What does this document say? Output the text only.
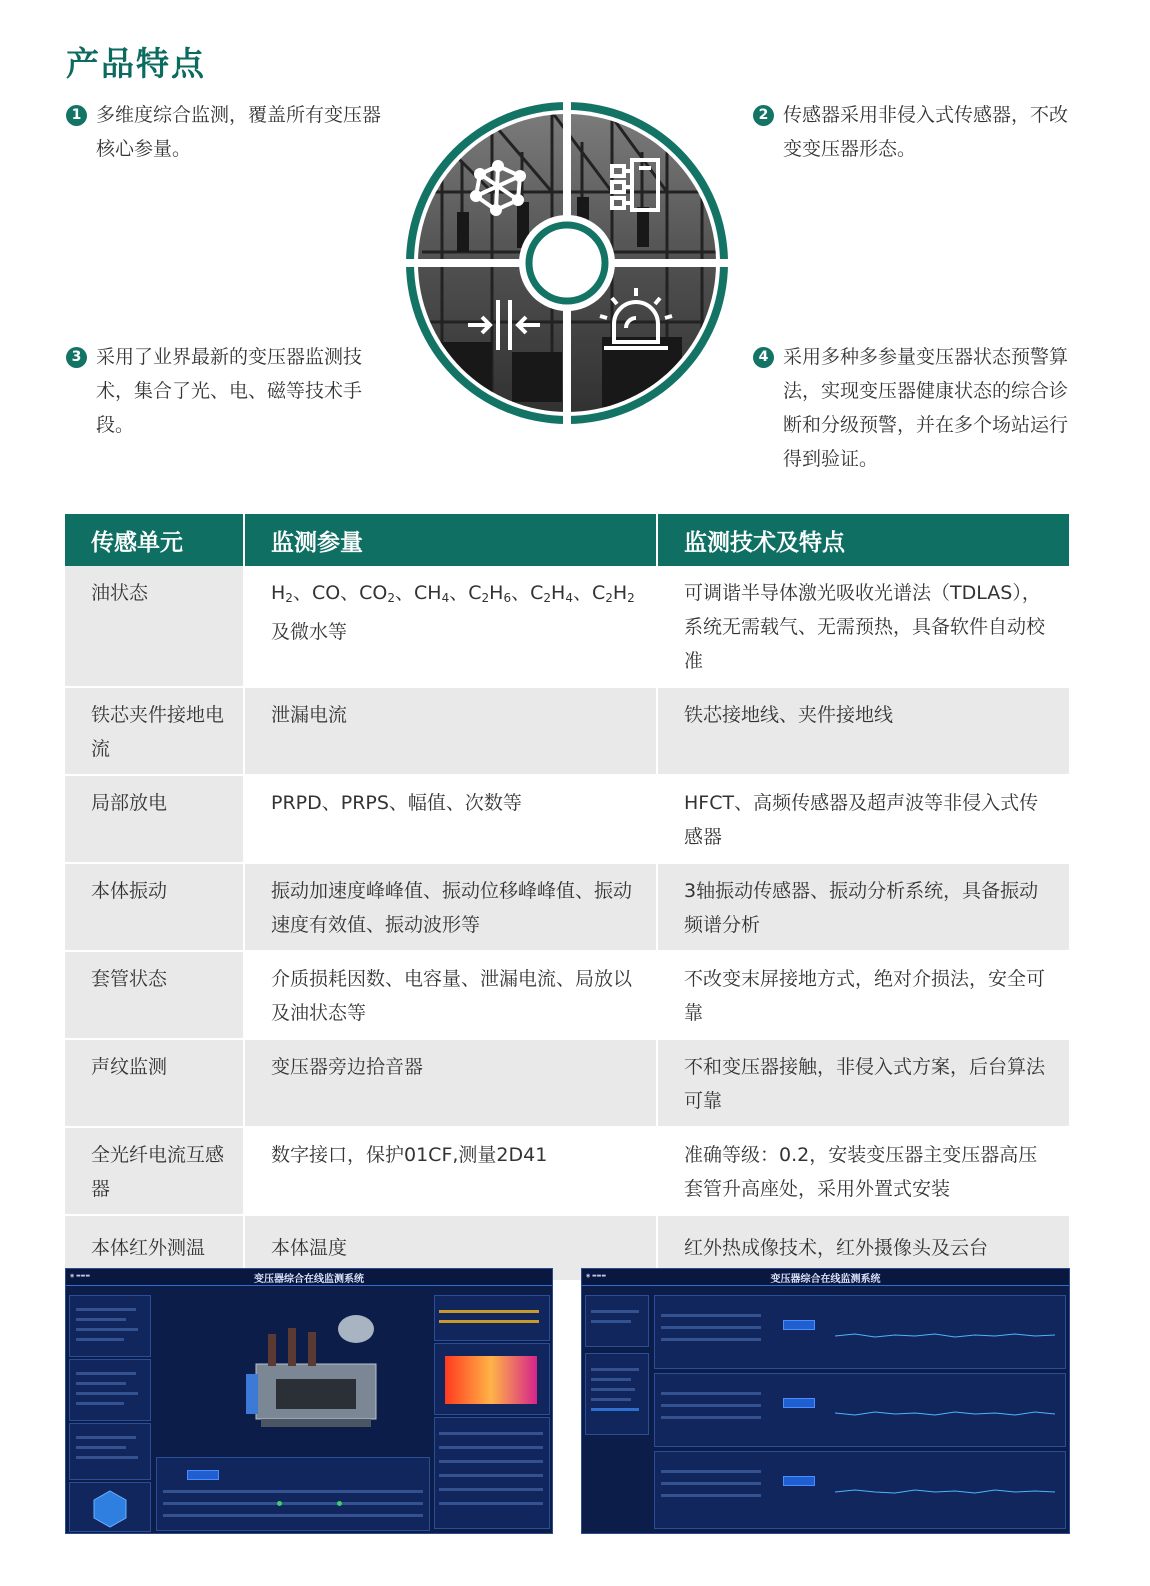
产品特点
1 多维度综合监测，覆盖所有变压器核心参量。
2 传感器采用非侵入式传感器，不改变变压器形态。
3 采用了业界最新的变压器监测技术，集合了光、电、磁等技术手段。
4 采用多种多参量变压器状态预警算法，实现变压器健康状态的综合诊断和分级预警，并在多个场站运行得到验证。
传感单元	监测参量	监测技术及特点
油状态	$H_2$、CO、$CO_2$、$CH_4$、$C_2H_6$、$C_2H_4$、$C_2H_2$及微水等	可调谐半导体激光吸收光谱法（TDLAS），系统无需载气、无需预热，具备软件自动校准
铁芯夹件接地电流	泄漏电流	铁芯接地线、夹件接地线
局部放电	PRPD、PRPS、幅值、次数等	HFCT、高频传感器及超声波等非侵入式传感器
本体振动	振动加速度峰峰值、振动位移峰峰值、振动速度有效值、振动波形等	3轴振动传感器、振动分析系统，具备振动频谱分析
套管状态	介质损耗因数、电容量、泄漏电流、局放以及油状态等	不改变末屏接地方式，绝对介损法，安全可靠
声纹监测	变压器旁边拾音器	不和变压器接触，非侵入式方案，后台算法可靠
全光纤电流互感器	数字接口，保护01CF,测量2D41	准确等级：0.2，安装变压器主变压器高压套管升高座处，采用外置式安装
本体红外测温	本体温度	红外热成像技术，红外摄像头及云台
◉ ▬▬▬	变压器综合在线监测系统	◉ ▬▬▬	变压器综合在线监测系统
